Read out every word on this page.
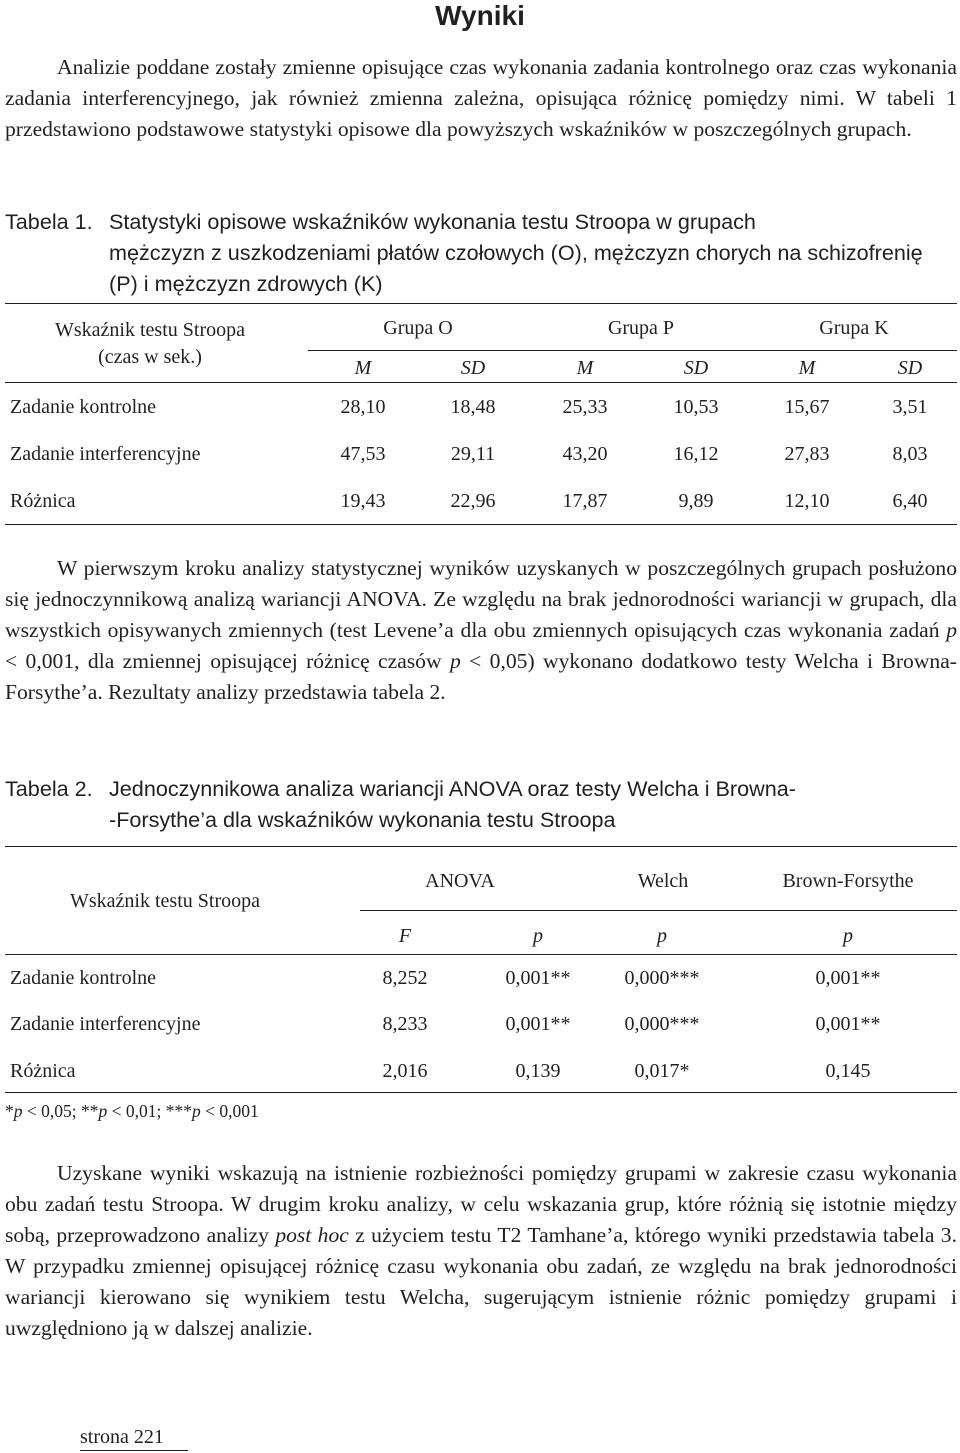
Wyniki
Analizie poddane zostały zmienne opisujące czas wykonania zadania kontrolnego oraz czas wykonania zadania interferencyjnego, jak również zmienna zależna, opisująca różnicę pomiędzy nimi. W tabeli 1 przedstawiono podstawowe statystyki opisowe dla powyższych wskaźników w poszczególnych grupach.
Tabela 1. Statystyki opisowe wskaźników wykonania testu Stroopa w grupach
mężczyzn z uszkodzeniami płatów czołowych (O), mężczyzn chorych na schizofrenię (P) i mężczyzn zdrowych (K)
Wskaźnik testu Stroopa
(czas w sek.)
Grupa O	Grupa P	Grupa K
M	SD	M	SD	M	SD
Zadanie kontrolne	28,10	18,48	25,33	10,53	15,67	3,51
Zadanie interferencyjne	47,53	29,11	43,20	16,12	27,83	8,03
Różnica	19,43	22,96	17,87	9,89	12,10	6,40
W pierwszym kroku analizy statystycznej wyników uzyskanych w poszczególnych grupach posłużono się jednoczynnikową analizą wariancji ANOVA. Ze względu na brak jednorodności wariancji w grupach, dla wszystkich opisywanych zmiennych (test Levene’a dla obu zmiennych opisujących czas wykonania zadań p < 0,001, dla zmiennej opisującej różnicę czasów p < 0,05) wykonano dodatkowo testy Welcha i Browna-Forsythe’a. Rezultaty analizy przedstawia tabela 2.
Tabela 2. Jednoczynnikowa analiza wariancji ANOVA oraz testy Welcha i Browna-
-Forsythe’a dla wskaźników wykonania testu Stroopa
Wskaźnik testu Stroopa
ANOVA	Welch	Brown-Forsythe
F	p	p	p
Zadanie kontrolne	8,252	0,001**	0,000***	0,001**
Zadanie interferencyjne	8,233	0,001**	0,000***	0,001**
Różnica	2,016	0,139	0,017*	0,145
*p < 0,05; **p < 0,01; ***p < 0,001
Uzyskane wyniki wskazują na istnienie rozbieżności pomiędzy grupami w zakresie czasu wykonania obu zadań testu Stroopa. W drugim kroku analizy, w celu wskazania grup, które różnią się istotnie między sobą, przeprowadzono analizy post hoc z użyciem testu T2 Tamhane’a, którego wyniki przedstawia tabela 3. W przypadku zmiennej opisującej różnicę czasu wykonania obu zadań, ze względu na brak jednorodności wariancji kierowano się wynikiem testu Welcha, sugerującym istnienie różnic pomiędzy grupami i uwzględniono ją w dalszej analizie.
strona 221
